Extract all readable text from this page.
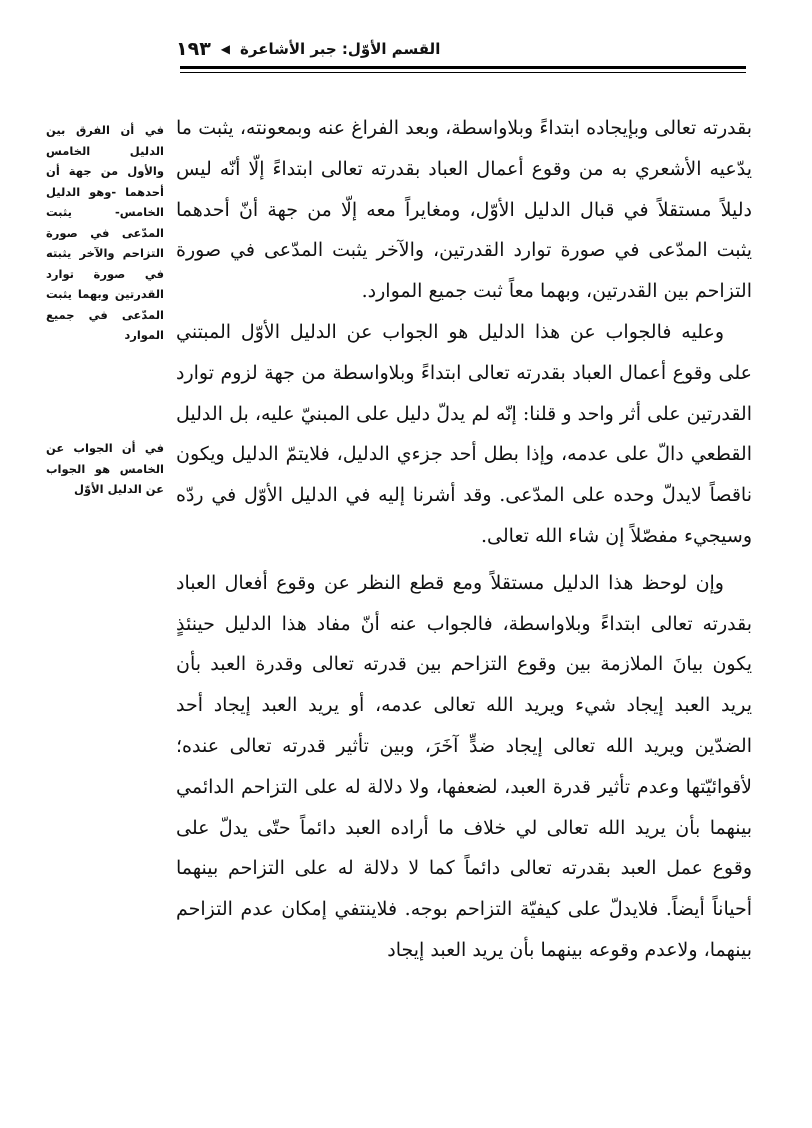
القسم الأوّل: جبر الأشاعرة
◀
١٩٣

بقدرته تعالى وبإيجاده ابتداءً وبلاواسطة، وبعد الفراغ عنه وبمعونته، يثبت ما يدّعيه الأشعري به من وقوع أعمال العباد بقدرته تعالى ابتداءً إلّا أنّه ليس دليلاً مستقلاً في قبال الدليل الأوّل، ومغايراً معه إلّا من جهة أنّ أحدهما يثبت المدّعى في صورة توارد القدرتين، والآخر يثبت المدّعى في صورة التزاحم بين القدرتين، وبهما معاً ثبت جميع الموارد.

وعليه فالجواب عن هذا الدليل هو الجواب عن الدليل الأوّل المبتني على وقوع أعمال العباد بقدرته تعالى ابتداءً وبلاواسطة من جهة لزوم توارد القدرتين على أثر واحد و قلنا: إنّه لم يدلّ دليل على المبنيّ عليه، بل الدليل القطعي دالّ على عدمه، وإذا بطل أحد جزءي الدليل، فلايتمّ الدليل ويكون ناقصاً لايدلّ وحده على المدّعى. وقد أشرنا إليه في الدليل الأوّل في ردّه وسيجيء مفصّلاً إن شاء الله تعالى.

وإن لوحظ هذا الدليل مستقلاً ومع قطع النظر عن وقوع أفعال العباد بقدرته تعالى ابتداءً وبلاواسطة، فالجواب عنه أنّ مفاد هذا الدليل حينئذٍ يكون بيانَ الملازمة بين وقوع التزاحم بين قدرته تعالى وقدرة العبد بأن يريد العبد إيجاد شيء ويريد الله تعالى عدمه، أو يريد العبد إيجاد أحد الضدّين ويريد الله تعالى إيجاد ضدٍّ آخَرَ، وبين تأثير قدرته تعالى عنده؛ لأقوائيّتها وعدم تأثير قدرة العبد، لضعفها، ولا دلالة له على التزاحم الدائمي بينهما بأن يريد الله تعالى لي خلاف ما أراده العبد دائماً حتّى يدلّ على وقوع عمل العبد بقدرته تعالى دائماً كما لا دلالة له على التزاحم بينهما أحياناً أيضاً. فلايدلّ على كيفيّة التزاحم بوجه. فلاينتفي إمكان عدم التزاحم بينهما، ولاعدم وقوعه بينهما بأن يريد العبد إيجاد

في أن الفرق بين الدليل الخامس والأول من جهة أن أحدهما -وهو الدليل الخامس- يثبت المدّعى في صورة التزاحم والآخر يثبته في صورة توارد القدرتين وبهما يثبت المدّعى في جميع الموارد
في أن الجواب عن الخامس هو الجواب عن الدليل الأوّل
